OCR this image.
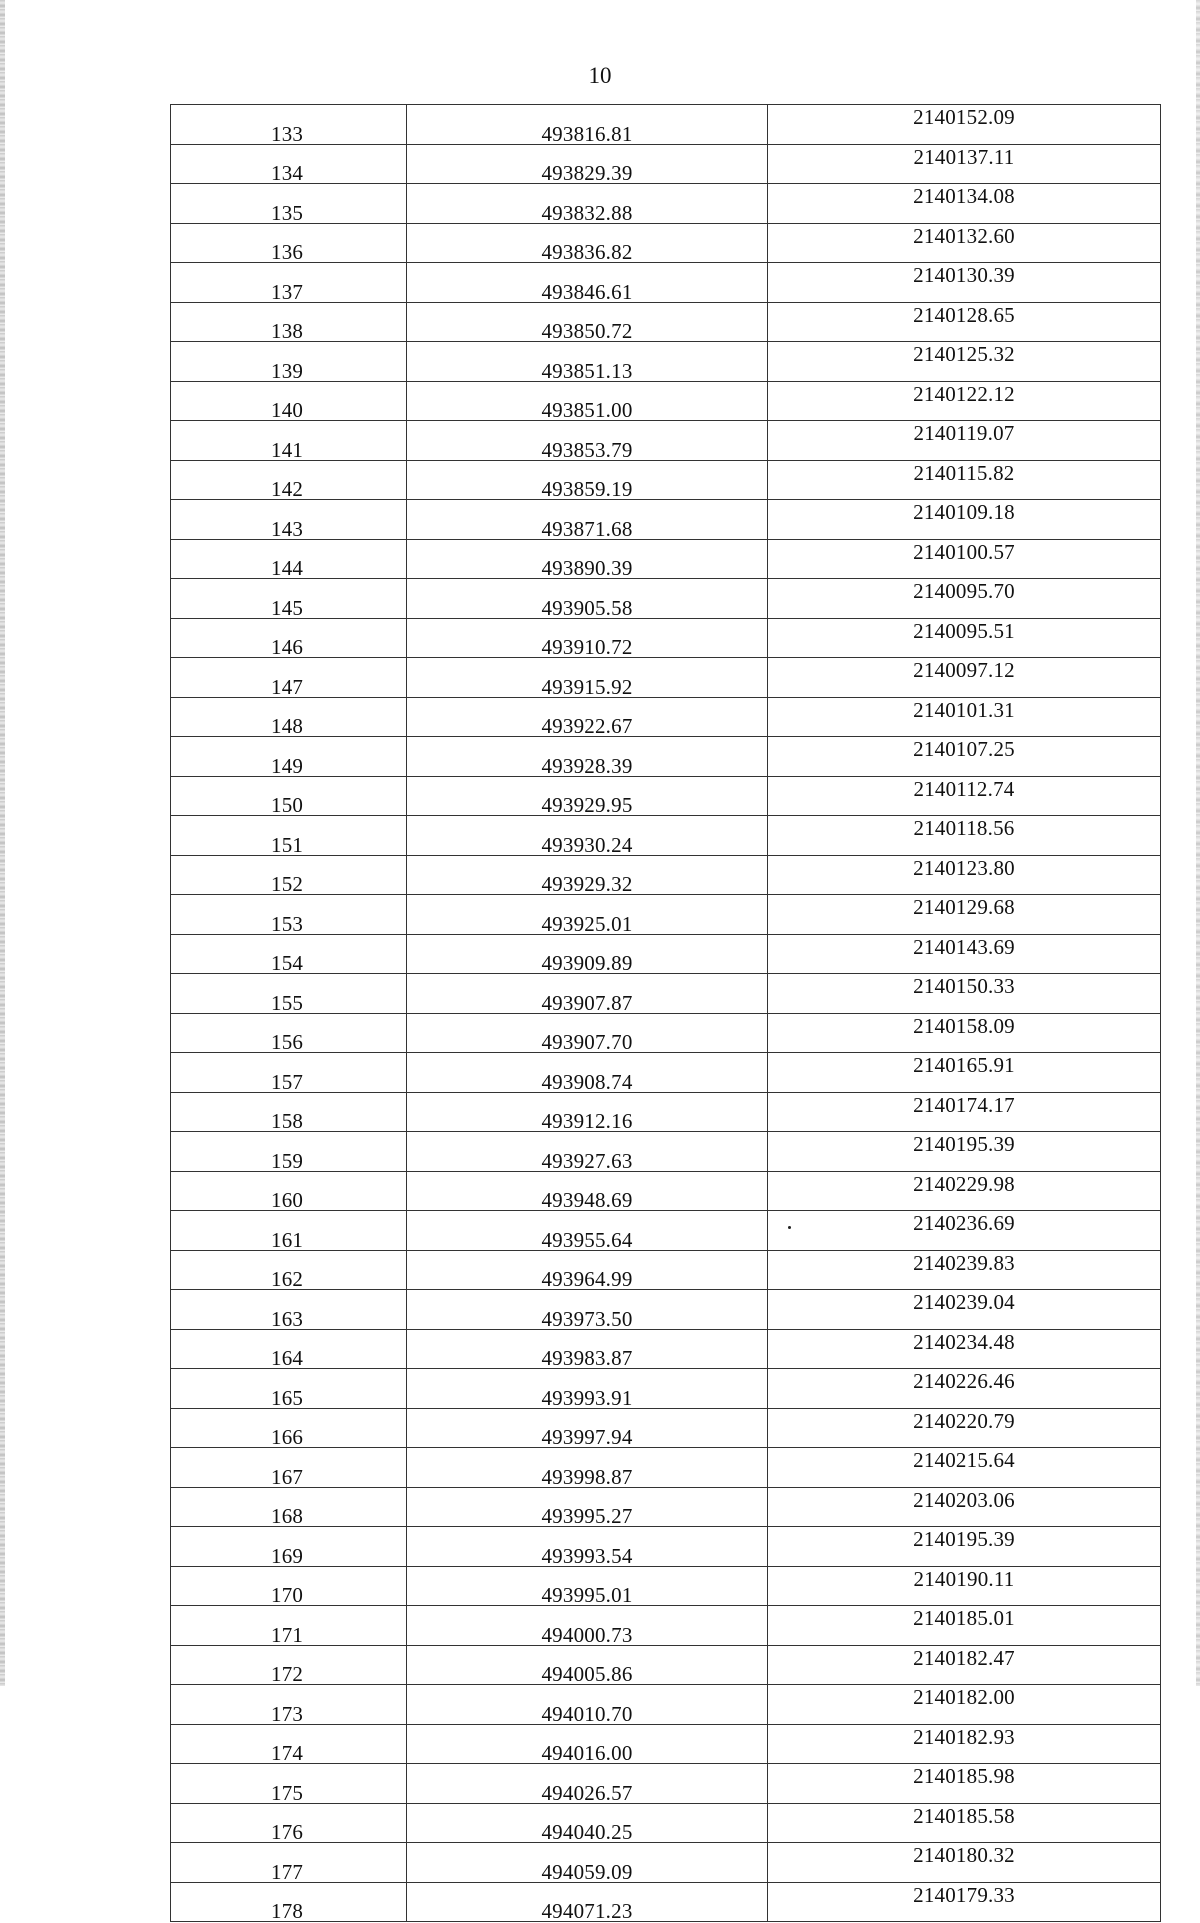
10
133	493816.81	2140152.09
134	493829.39	2140137.11
135	493832.88	2140134.08
136	493836.82	2140132.60
137	493846.61	2140130.39
138	493850.72	2140128.65
139	493851.13	2140125.32
140	493851.00	2140122.12
141	493853.79	2140119.07
142	493859.19	2140115.82
143	493871.68	2140109.18
144	493890.39	2140100.57
145	493905.58	2140095.70
146	493910.72	2140095.51
147	493915.92	2140097.12
148	493922.67	2140101.31
149	493928.39	2140107.25
150	493929.95	2140112.74
151	493930.24	2140118.56
152	493929.32	2140123.80
153	493925.01	2140129.68
154	493909.89	2140143.69
155	493907.87	2140150.33
156	493907.70	2140158.09
157	493908.74	2140165.91
158	493912.16	2140174.17
159	493927.63	2140195.39
160	493948.69	2140229.98
161	493955.64	2140236.69
162	493964.99	2140239.83
163	493973.50	2140239.04
164	493983.87	2140234.48
165	493993.91	2140226.46
166	493997.94	2140220.79
167	493998.87	2140215.64
168	493995.27	2140203.06
169	493993.54	2140195.39
170	493995.01	2140190.11
171	494000.73	2140185.01
172	494005.86	2140182.47
173	494010.70	2140182.00
174	494016.00	2140182.93
175	494026.57	2140185.98
176	494040.25	2140185.58
177	494059.09	2140180.32
178	494071.23	2140179.33
